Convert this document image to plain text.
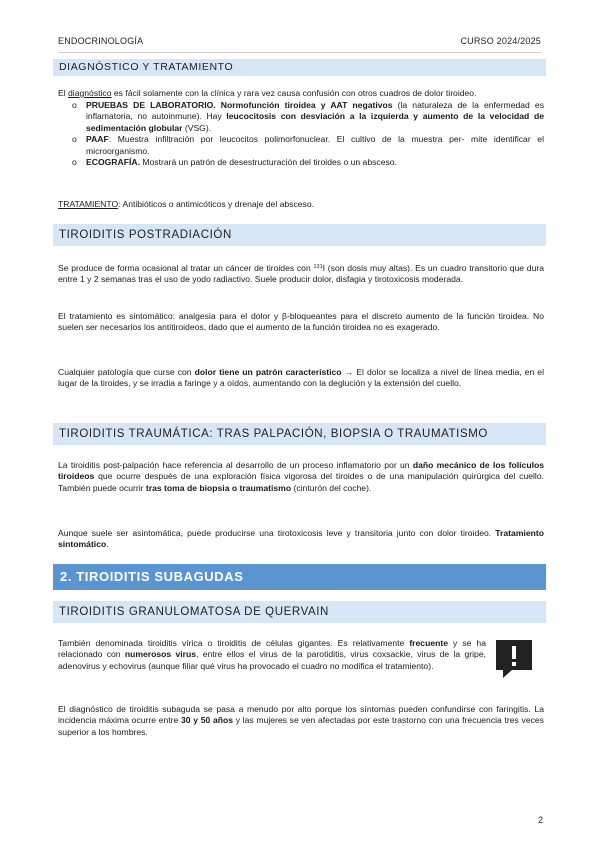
ENDOCRINOLOGÍA	CURSO 2024/2025
DIAGNÓSTICO Y TRATAMIENTO
El diagnóstico es fácil solamente con la clínica y rara vez causa confusión con otros cuadros de dolor tiroideo.
o PRUEBAS DE LABORATORIO. Normofunción tiroidea y AAT negativos (la naturaleza de la enfermedad es inflamatoria, no autoinmune). Hay leucocitosis con desviación a la izquierda y aumento de la velocidad de sedimentación globular (VSG).
o PAAF: Muestra infiltración por leucocitos polimorfonuclear. El cultivo de la muestra per- mite identificar el microorganismo.
o ECOGRAFÍA. Mostrará un patrón de desestructuración del tiroides o un absceso.
TRATAMIENTO: Antibióticos o antimicóticos y drenaje del absceso.
TIROIDITIS POSTRADIACIÓN
Se produce de forma ocasional al tratar un cáncer de tiroides con $^{131}$I (son dosis muy altas). Es un cuadro transitorio que dura entre 1 y 2 semanas tras el uso de yodo radiactivo. Suele producir dolor, disfagia y tirotoxicosis moderada.
El tratamiento es sintomático: analgesia para el dolor y β-bloqueantes para el discreto aumento de la función tiroidea. No suelen ser necesarios los antitiroideos, dado que el aumento de la función tiroidea no es exagerado.
Cualquier patología que curse con dolor tiene un patrón característico → El dolor se localiza a nivel de línea media, en el lugar de la tiroides, y se irradia a faringe y a oídos, aumentando con la deglución y la extensión del cuello.
TIROIDITIS TRAUMÁTICA: TRAS PALPACIÓN, BIOPSIA O TRAUMATISMO
La tiroiditis post-palpación hace referencia al desarrollo de un proceso inflamatorio por un daño mecánico de los folículos tiroideos que ocurre después de una exploración física vigorosa del tiroides o de una manipulación quirúrgica del cuello. También puede ocurrir tras toma de biopsia o traumatismo (cinturón del coche).
Aunque suele ser asintomática, puede producirse una tirotoxicosis leve y transitoria junto con dolor tiroideo. Tratamiento sintomático.
2. TIROIDITIS SUBAGUDAS
TIROIDITIS GRANULOMATOSA DE QUERVAIN
También denominada tiroiditis vírica o tiroiditis de células gigantes. Es relativamente frecuente y se ha relacionado con numerosos virus, entre ellos el virus de la parotiditis, virus coxsackie, virus de la gripe, adenovirus y echovirus (aunque filiar qué virus ha provocado el cuadro no modifica el tratamiento).
El diagnóstico de tiroiditis subaguda se pasa a menudo por alto porque los síntomas pueden confundirse con faringitis. La incidencia máxima ocurre entre 30 y 50 años y las mujeres se ven afectadas por este trastorno con una frecuencia tres veces superior a los hombres.
2
